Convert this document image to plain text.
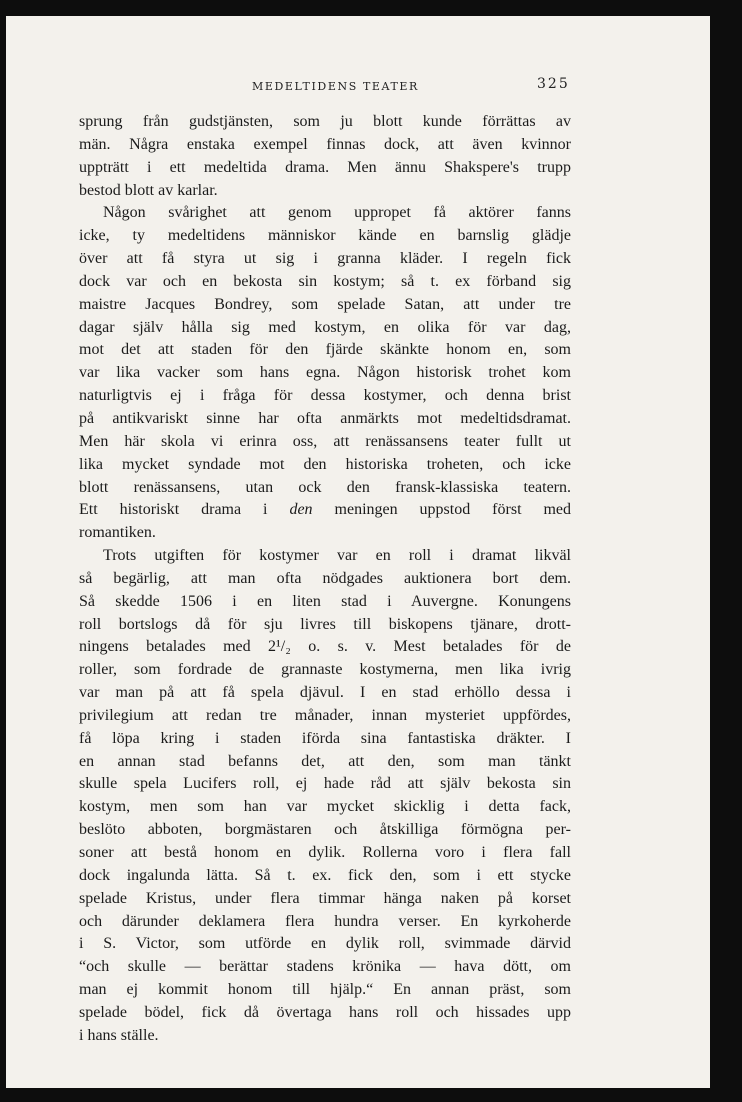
MEDELTIDENS TEATER	325
sprung från gudstjänsten, som ju blott kunde förrättas av
män. Några enstaka exempel finnas dock, att även kvinnor
uppträtt i ett medeltida drama. Men ännu Shakspere's trupp
bestod blott av karlar.
Någon svårighet att genom uppropet få aktörer fanns
icke, ty medeltidens människor kände en barnslig glädje
över att få styra ut sig i granna kläder. I regeln fick
dock var och en bekosta sin kostym; så t. ex förband sig
maistre Jacques Bondrey, som spelade Satan, att under tre
dagar själv hålla sig med kostym, en olika för var dag,
mot det att staden för den fjärde skänkte honom en, som
var lika vacker som hans egna. Någon historisk trohet kom
naturligtvis ej i fråga för dessa kostymer, och denna brist
på antikvariskt sinne har ofta anmärkts mot medeltidsdramat.
Men här skola vi erinra oss, att renässansens teater fullt ut
lika mycket syndade mot den historiska troheten, och icke
blott renässansens, utan ock den fransk-klassiska teatern.
Ett historiskt drama i den meningen uppstod först med
romantiken.
Trots utgiften för kostymer var en roll i dramat likväl
så begärlig, att man ofta nödgades auktionera bort dem.
Så skedde 1506 i en liten stad i Auvergne. Konungens
roll bortslogs då för sju livres till biskopens tjänare, drott-
ningens betalades med 2¹/₂ o. s. v. Mest betalades för de
roller, som fordrade de grannaste kostymerna, men lika ivrig
var man på att få spela djävul. I en stad erhöllo dessa i
privilegium att redan tre månader, innan mysteriet uppfördes,
få löpa kring i staden iförda sina fantastiska dräkter. I
en annan stad befanns det, att den, som man tänkt
skulle spela Lucifers roll, ej hade råd att själv bekosta sin
kostym, men som han var mycket skicklig i detta fack,
beslöto abboten, borgmästaren och åtskilliga förmögna per-
soner att bestå honom en dylik. Rollerna voro i flera fall
dock ingalunda lätta. Så t. ex. fick den, som i ett stycke
spelade Kristus, under flera timmar hänga naken på korset
och därunder deklamera flera hundra verser. En kyrkoherde
i S. Victor, som utförde en dylik roll, svimmade därvid
“och skulle — berättar stadens krönika — hava dött, om
man ej kommit honom till hjälp.“ En annan präst, som
spelade bödel, fick då övertaga hans roll och hissades upp
i hans ställe.
